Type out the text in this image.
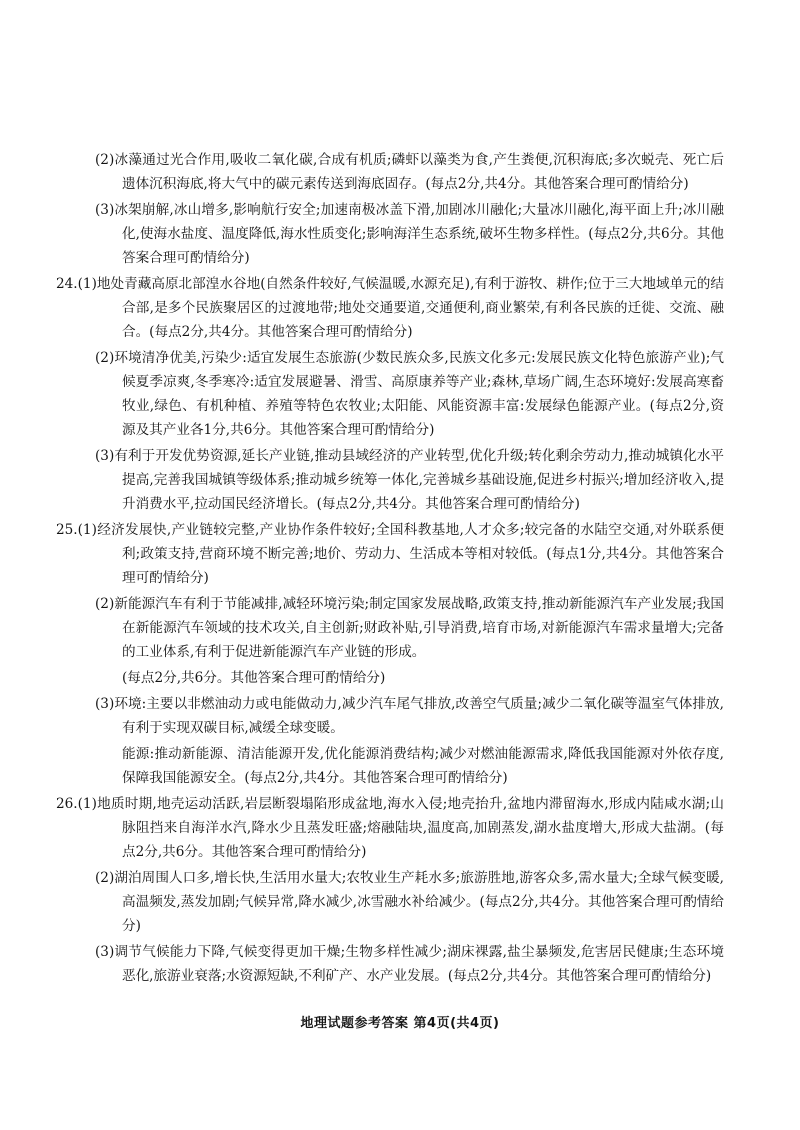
(2)冰藻通过光合作用,吸收二氧化碳,合成有机质;磷虾以藻类为食,产生粪便,沉积海底;多次蜕壳、死亡后遗体沉积海底,将大气中的碳元素传送到海底固存。(每点2分,共4分。其他答案合理可酌情给分)

(3)冰架崩解,冰山增多,影响航行安全;加速南极冰盖下滑,加剧冰川融化;大量冰川融化,海平面上升;冰川融化,使海水盐度、温度降低,海水性质变化;影响海洋生态系统,破坏生物多样性。(每点2分,共6分。其他答案合理可酌情给分)

24.(1)地处青藏高原北部湟水谷地(自然条件较好,气候温暖,水源充足),有利于游牧、耕作;位于三大地域单元的结合部,是多个民族聚居区的过渡地带;地处交通要道,交通便利,商业繁荣,有利各民族的迁徙、交流、融合。(每点2分,共4分。其他答案合理可酌情给分)

(2)环境清净优美,污染少:适宜发展生态旅游(少数民族众多,民族文化多元:发展民族文化特色旅游产业);气候夏季凉爽,冬季寒冷:适宜发展避暑、滑雪、高原康养等产业;森林,草场广阔,生态环境好:发展高寒畜牧业,绿色、有机种植、养殖等特色农牧业;太阳能、风能资源丰富:发展绿色能源产业。(每点2分,资源及其产业各1分,共6分。其他答案合理可酌情给分)

(3)有利于开发优势资源,延长产业链,推动县域经济的产业转型,优化升级;转化剩余劳动力,推动城镇化水平提高,完善我国城镇等级体系;推动城乡统筹一体化,完善城乡基础设施,促进乡村振兴;增加经济收入,提升消费水平,拉动国民经济增长。(每点2分,共4分。其他答案合理可酌情给分)

25.(1)经济发展快,产业链较完整,产业协作条件较好;全国科教基地,人才众多;较完备的水陆空交通,对外联系便利;政策支持,营商环境不断完善;地价、劳动力、生活成本等相对较低。(每点1分,共4分。其他答案合理可酌情给分)

(2)新能源汽车有利于节能减排,减轻环境污染;制定国家发展战略,政策支持,推动新能源汽车产业发展;我国在新能源汽车领域的技术攻关,自主创新;财政补贴,引导消费,培育市场,对新能源汽车需求量增大;完备的工业体系,有利于促进新能源汽车产业链的形成。

(每点2分,共6分。其他答案合理可酌情给分)

(3)环境:主要以非燃油动力或电能做动力,减少汽车尾气排放,改善空气质量;减少二氧化碳等温室气体排放,有利于实现双碳目标,减缓全球变暖。

能源:推动新能源、清洁能源开发,优化能源消费结构;减少对燃油能源需求,降低我国能源对外依存度,保障我国能源安全。(每点2分,共4分。其他答案合理可酌情给分)

26.(1)地质时期,地壳运动活跃,岩层断裂塌陷形成盆地,海水入侵;地壳抬升,盆地内滞留海水,形成内陆咸水湖;山脉阻挡来自海洋水汽,降水少且蒸发旺盛;熔融陆块,温度高,加剧蒸发,湖水盐度增大,形成大盐湖。(每点2分,共6分。其他答案合理可酌情给分)

(2)湖泊周围人口多,增长快,生活用水量大;农牧业生产耗水多;旅游胜地,游客众多,需水量大;全球气候变暖,高温频发,蒸发加剧;气候异常,降水减少,冰雪融水补给减少。(每点2分,共4分。其他答案合理可酌情给分)

(3)调节气候能力下降,气候变得更加干燥;生物多样性减少;湖床裸露,盐尘暴频发,危害居民健康;生态环境恶化,旅游业衰落;水资源短缺,不利矿产、水产业发展。(每点2分,共4分。其他答案合理可酌情给分)

地理试题参考答案 第4页(共4页)
